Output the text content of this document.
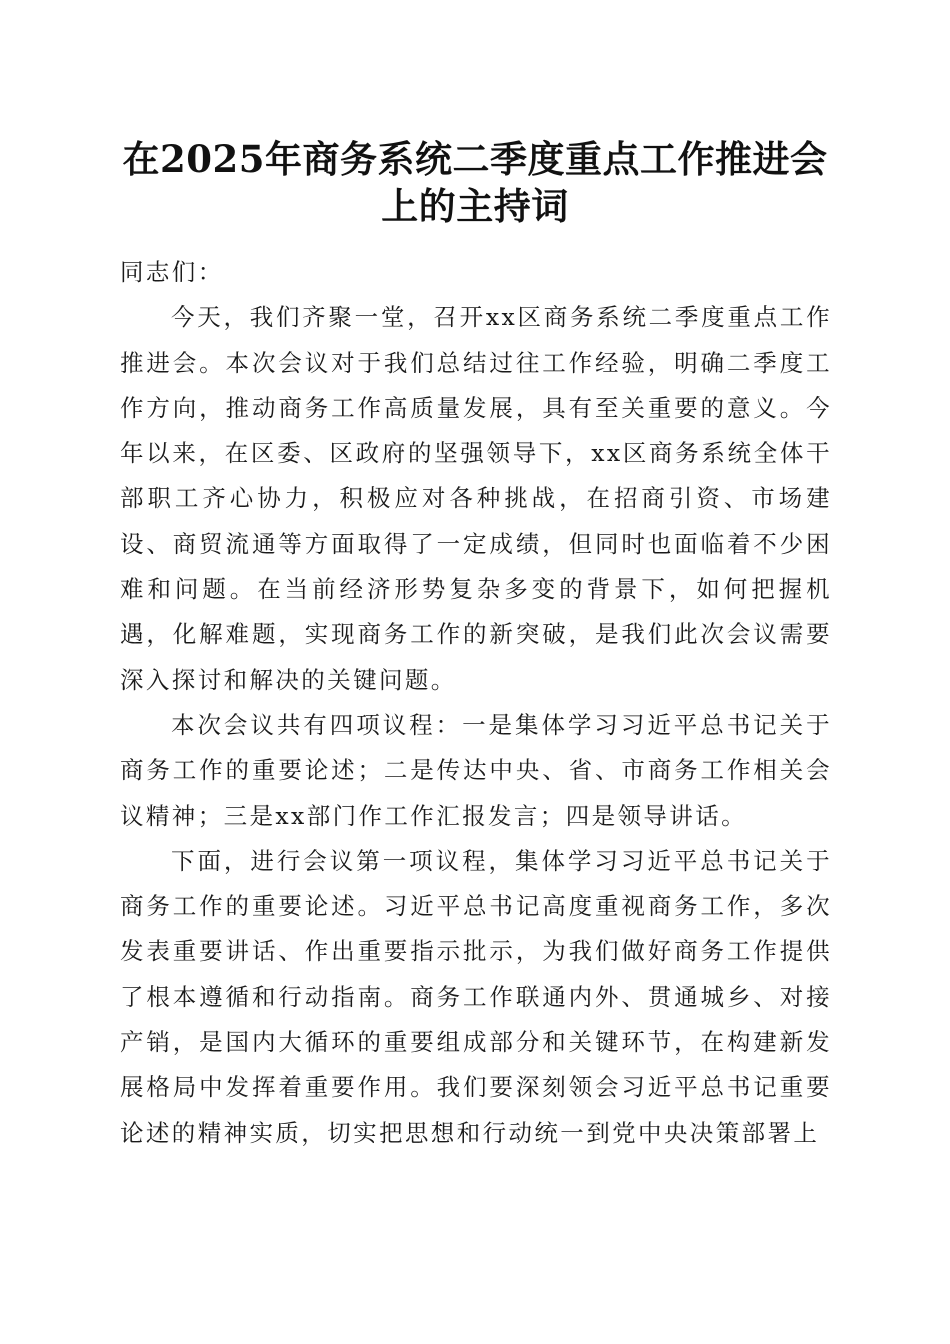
在2025年商务系统二季度重点工作推进会上的主持词

同志们：

今天，我们齐聚一堂，召开xx区商务系统二季度重点工作推进会。本次会议对于我们总结过往工作经验，明确二季度工作方向，推动商务工作高质量发展，具有至关重要的意义。今年以来，在区委、区政府的坚强领导下，xx区商务系统全体干部职工齐心协力，积极应对各种挑战，在招商引资、市场建设、商贸流通等方面取得了一定成绩，但同时也面临着不少困难和问题。在当前经济形势复杂多变的背景下，如何把握机遇，化解难题，实现商务工作的新突破，是我们此次会议需要深入探讨和解决的关键问题。

本次会议共有四项议程：一是集体学习习近平总书记关于商务工作的重要论述；二是传达中央、省、市商务工作相关会议精神；三是xx部门作工作汇报发言；四是领导讲话。

下面，进行会议第一项议程，集体学习习近平总书记关于商务工作的重要论述。习近平总书记高度重视商务工作，多次发表重要讲话、作出重要指示批示，为我们做好商务工作提供了根本遵循和行动指南。商务工作联通内外、贯通城乡、对接产销，是国内大循环的重要组成部分和关键环节，在构建新发展格局中发挥着重要作用。我们要深刻领会习近平总书记重要论述的精神实质，切实把思想和行动统一到党中央决策部署上
